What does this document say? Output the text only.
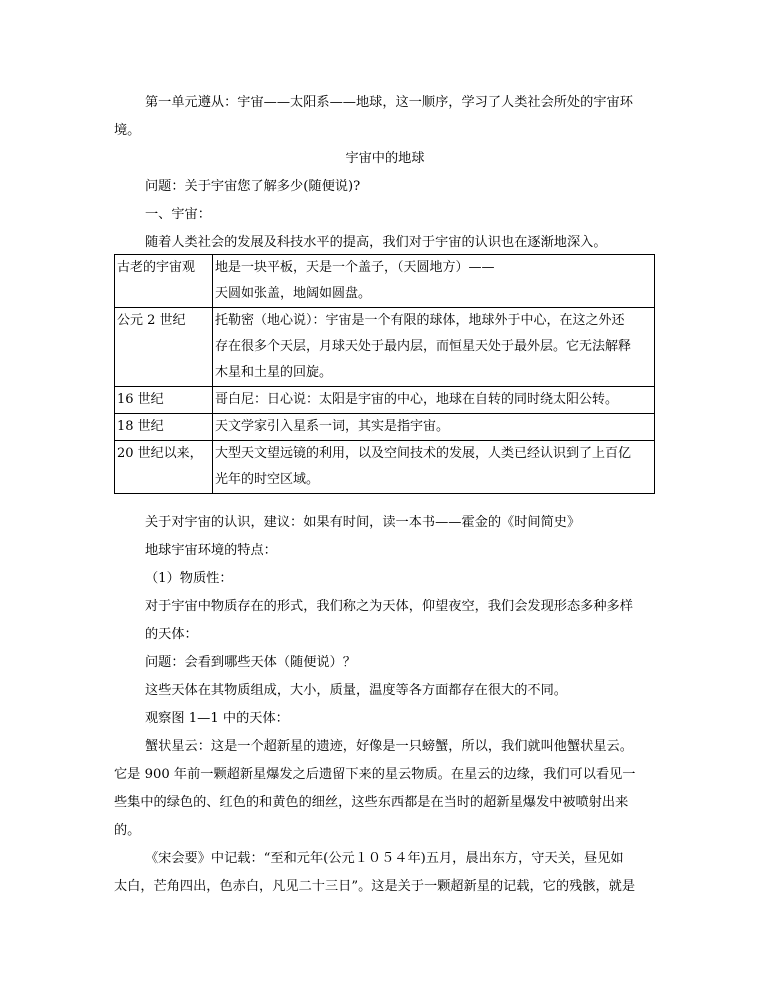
第一单元遵从：宇宙——太阳系——地球，这一顺序，学习了人类社会所处的宇宙环
境。
宇宙中的地球
问题：关于宇宙您了解多少(随便说)?
一、宇宙：
随着人类社会的发展及科技水平的提高，我们对于宇宙的认识也在逐渐地深入。
古老的宇宙观	地是一块平板，天是一个盖子，（天圆地方）——
天圆如张盖，地阔如圆盘。

公元 2 世纪	托勒密（地心说）：宇宙是一个有限的球体，地球外于中心，在这之外还
存在很多个天层，月球天处于最内层，而恒星天处于最外层。它无法解释
木星和土星的回旋。

16 世纪	哥白尼：日心说：太阳是宇宙的中心，地球在自转的同时绕太阳公转。

18 世纪	天文学家引入星系一词，其实是指宇宙。

20 世纪以来，	大型天文望远镜的利用，以及空间技术的发展，人类已经认识到了上百亿
光年的时空区域。
关于对宇宙的认识，建议：如果有时间，读一本书——霍金的《时间简史》
地球宇宙环境的特点：
（1）物质性：
对于宇宙中物质存在的形式，我们称之为天体，仰望夜空，我们会发现形态多种多样
的天体：
问题：会看到哪些天体（随便说）？
这些天体在其物质组成，大小，质量，温度等各方面都存在很大的不同。
观察图 1—1 中的天体：
蟹状星云：这是一个超新星的遗迹，好像是一只螃蟹，所以，我们就叫他蟹状星云。
它是 900 年前一颗超新星爆发之后遗留下来的星云物质。在星云的边缘，我们可以看见一
些集中的绿色的、红色的和黄色的细丝，这些东西都是在当时的超新星爆发中被喷射出来
的。
《宋会要》中记载：“至和元年(公元１０５４年)五月，晨出东方，守天关，昼见如
太白，芒角四出，色赤白，凡见二十三日”。这是关于一颗超新星的记载，它的残骸，就是
